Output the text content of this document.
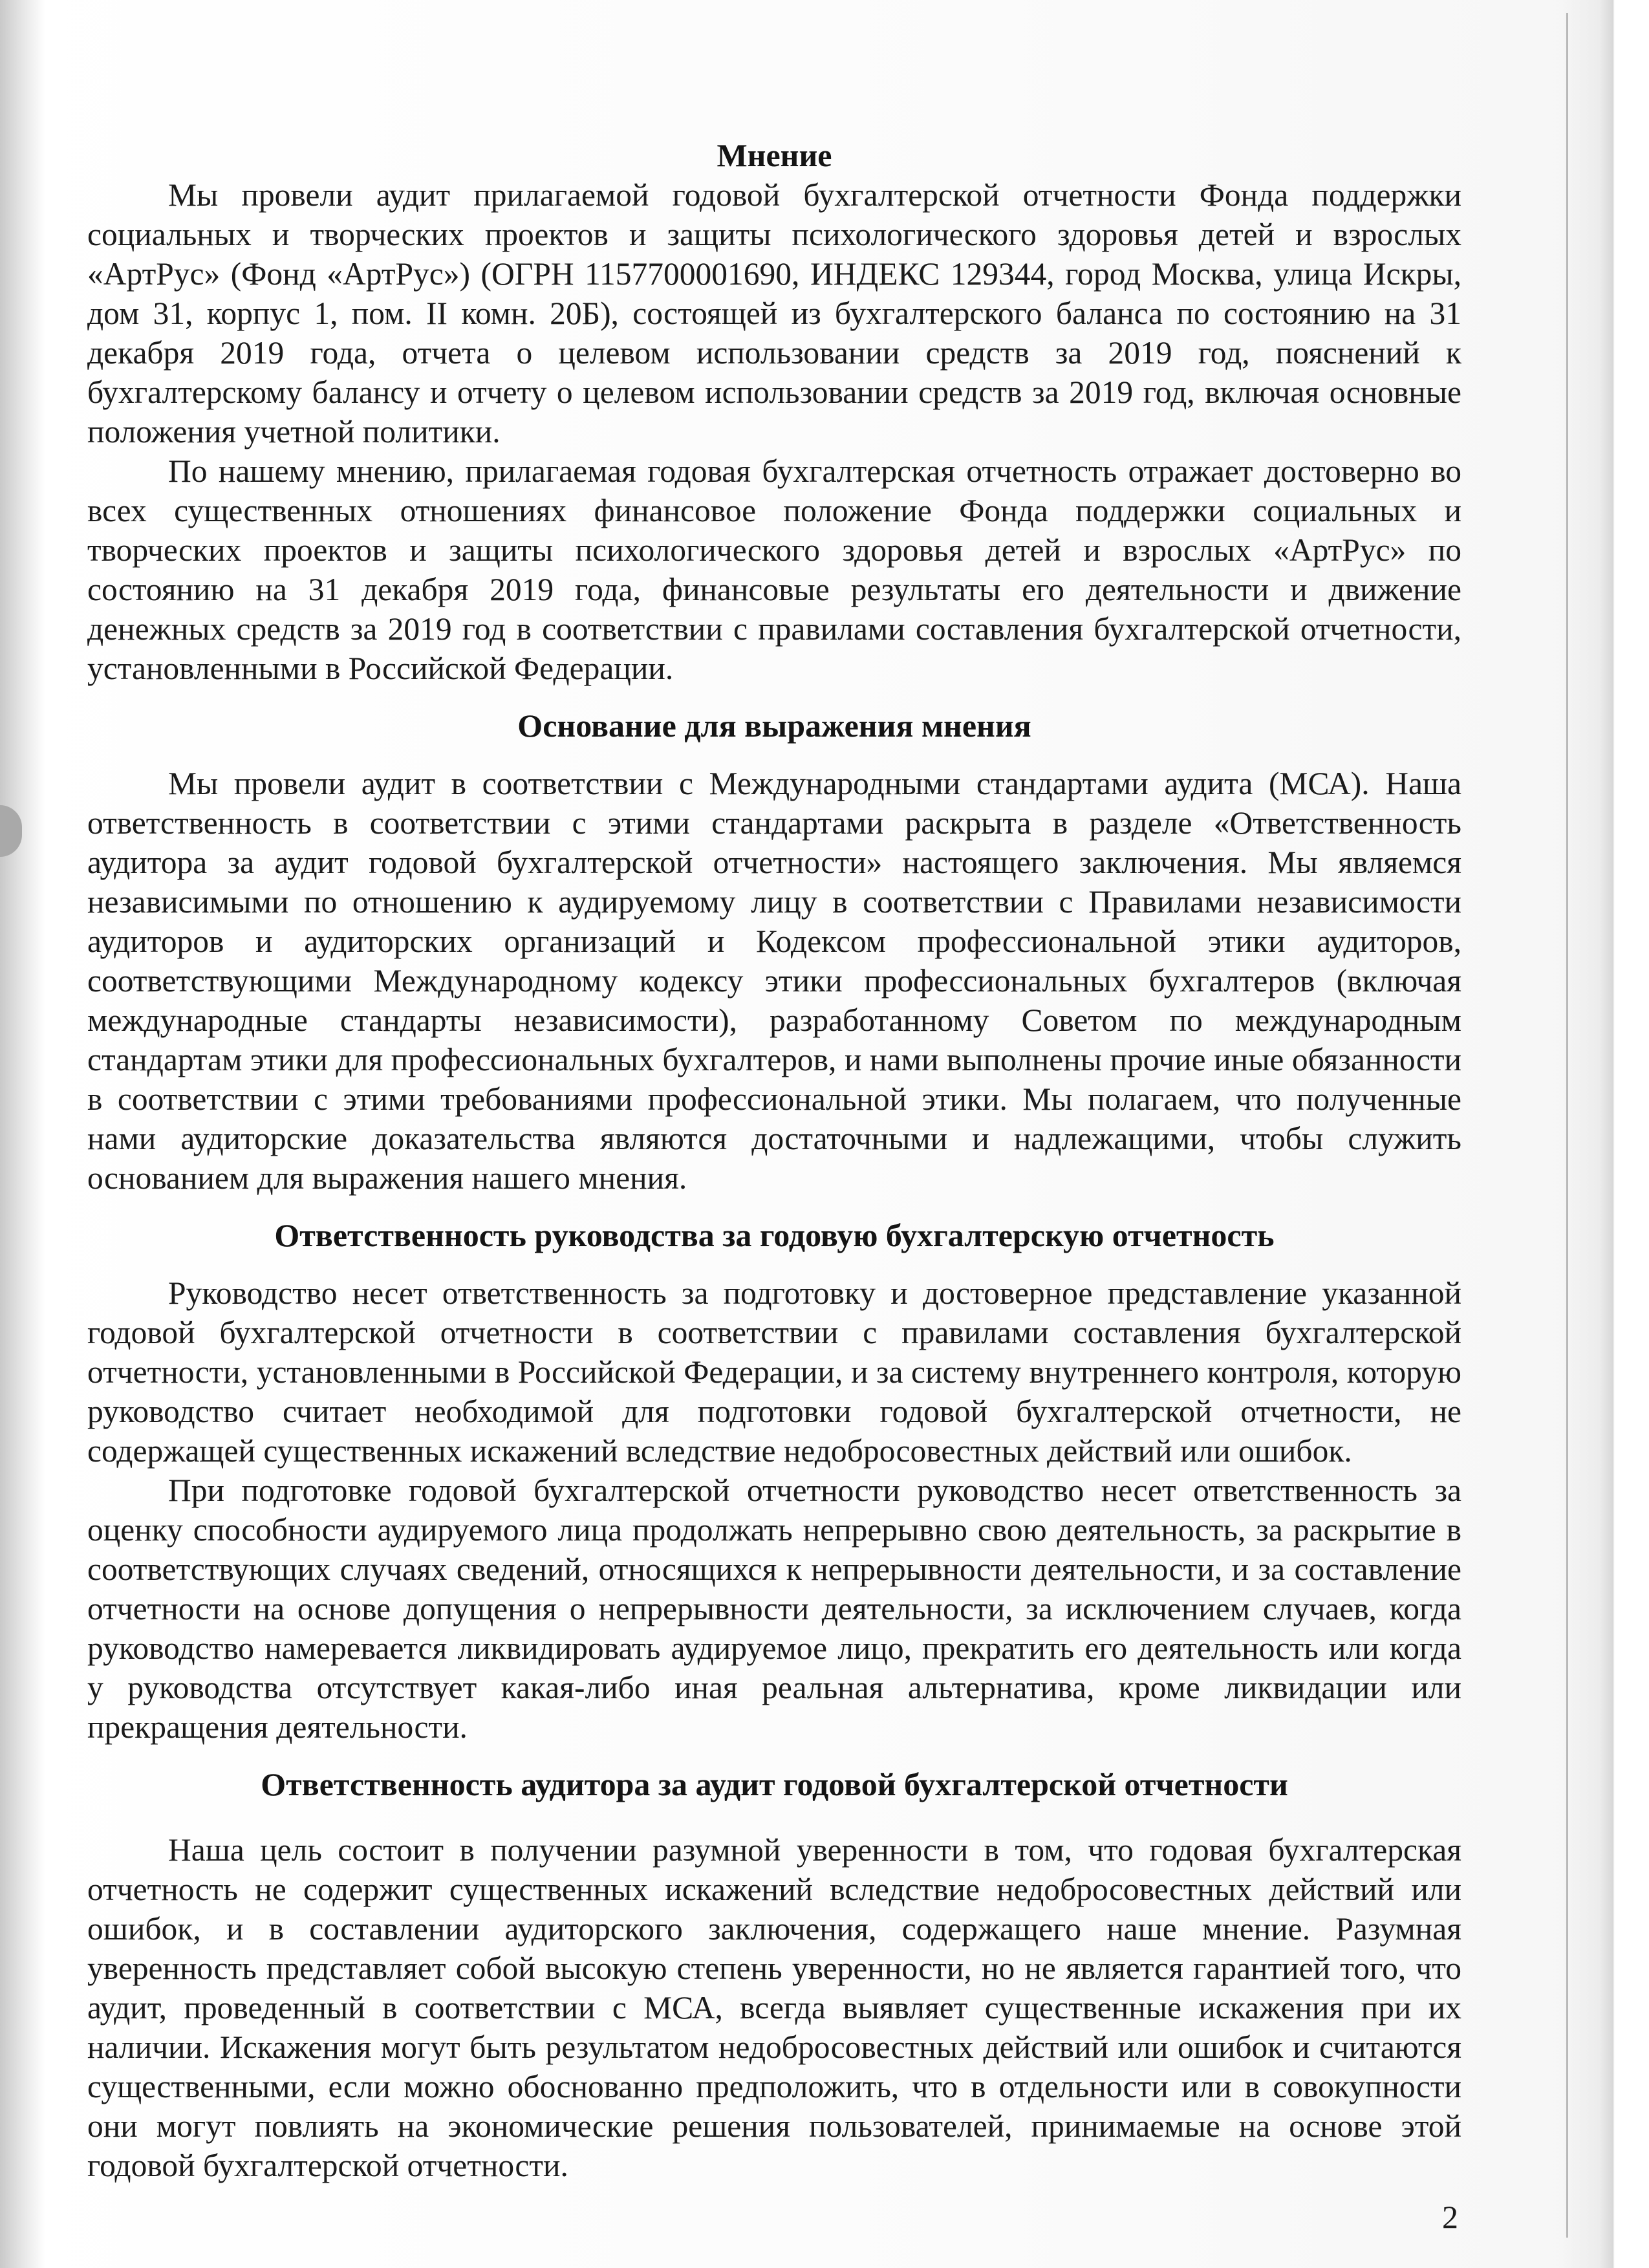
Мнение

Мы провели аудит прилагаемой годовой бухгалтерской отчетности Фонда поддержки социальных и творческих проектов и защиты психологического здоровья детей и взрослых «АртРус» (Фонд «АртРус») (ОГРН 1157700001690, ИНДЕКС 129344, город Москва, улица Искры, дом 31, корпус 1, пом. II комн. 20Б), состоящей из бухгалтерского баланса по состоянию на 31 декабря 2019 года, отчета о целевом использовании средств за 2019 год, пояснений к бухгалтерскому балансу и отчету о целевом использовании средств за 2019 год, включая основные положения учетной политики.

По нашему мнению, прилагаемая годовая бухгалтерская отчетность отражает достоверно во всех существенных отношениях финансовое положение Фонда поддержки социальных и творческих проектов и защиты психологического здоровья детей и взрослых «АртРус» по состоянию на 31 декабря 2019 года, финансовые результаты его деятельности и движение денежных средств за 2019 год в соответствии с правилами составления бухгалтерской отчетности, установленными в Российской Федерации.

Основание для выражения мнения

Мы провели аудит в соответствии с Международными стандартами аудита (МСА). Наша ответственность в соответствии с этими стандартами раскрыта в разделе «Ответственность аудитора за аудит годовой бухгалтерской отчетности» настоящего заключения. Мы являемся независимыми по отношению к аудируемому лицу в соответствии с Правилами независимости аудиторов и аудиторских организаций и Кодексом профессиональной этики аудиторов, соответствующими Международному кодексу этики профессиональных бухгалтеров (включая международные стандарты независимости), разработанному Советом по международным стандартам этики для профессиональных бухгалтеров, и нами выполнены прочие иные обязанности в соответствии с этими требованиями профессиональной этики. Мы полагаем, что полученные нами аудиторские доказательства являются достаточными и надлежащими, чтобы служить основанием для выражения нашего мнения.

Ответственность руководства за годовую бухгалтерскую отчетность

Руководство несет ответственность за подготовку и достоверное представление указанной годовой бухгалтерской отчетности в соответствии с правилами составления бухгалтерской отчетности, установленными в Российской Федерации, и за систему внутреннего контроля, которую руководство считает необходимой для подготовки годовой бухгалтерской отчетности, не содержащей существенных искажений вследствие недобросовестных действий или ошибок.

При подготовке годовой бухгалтерской отчетности руководство несет ответственность за оценку способности аудируемого лица продолжать непрерывно свою деятельность, за раскрытие в соответствующих случаях сведений, относящихся к непрерывности деятельности, и за составление отчетности на основе допущения о непрерывности деятельности, за исключением случаев, когда руководство намеревается ликвидировать аудируемое лицо, прекратить его деятельность или когда у руководства отсутствует какая-либо иная реальная альтернатива, кроме ликвидации или прекращения деятельности.

Ответственность аудитора за аудит годовой бухгалтерской отчетности

Наша цель состоит в получении разумной уверенности в том, что годовая бухгалтерская отчетность не содержит существенных искажений вследствие недобросовестных действий или ошибок, и в составлении аудиторского заключения, содержащего наше мнение. Разумная уверенность представляет собой высокую степень уверенности, но не является гарантией того, что аудит, проведенный в соответствии с МСА, всегда выявляет существенные искажения при их наличии. Искажения могут быть результатом недобросовестных действий или ошибок и считаются существенными, если можно обоснованно предположить, что в отдельности или в совокупности они могут повлиять на экономические решения пользователей, принимаемые на основе этой годовой бухгалтерской отчетности.

2
